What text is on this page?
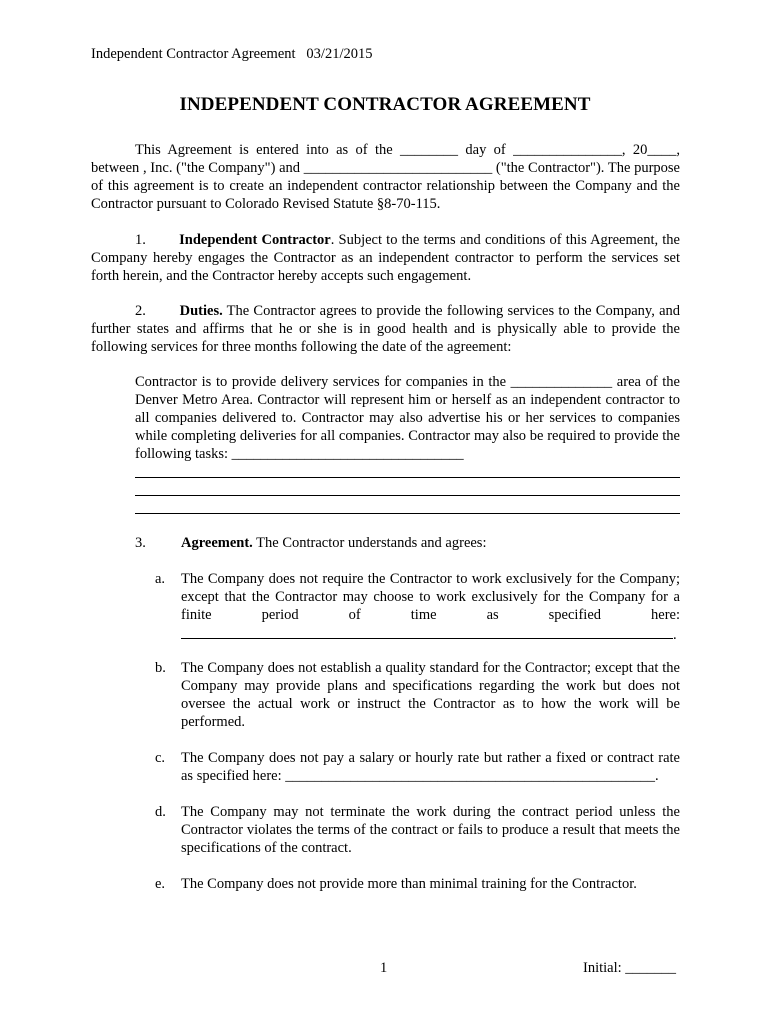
Independent Contractor Agreement 03/21/2015
INDEPENDENT CONTRACTOR AGREEMENT
This Agreement is entered into as of the ________ day of _______________, 20____, between , Inc. ("the Company") and __________________________ ("the Contractor"). The purpose of this agreement is to create an independent contractor relationship between the Company and the Contractor pursuant to Colorado Revised Statute §8-70-115.
1. Independent Contractor. Subject to the terms and conditions of this Agreement, the Company hereby engages the Contractor as an independent contractor to perform the services set forth herein, and the Contractor hereby accepts such engagement.
2. Duties. The Contractor agrees to provide the following services to the Company, and further states and affirms that he or she is in good health and is physically able to provide the following services for three months following the date of the agreement:
Contractor is to provide delivery services for companies in the ______________ area of the Denver Metro Area. Contractor will represent him or herself as an independent contractor to all companies delivered to. Contractor may also advertise his or her services to companies while completing deliveries for all companies. Contractor may also be required to provide the following tasks: ________________________________
3. Agreement. The Contractor understands and agrees:
a.	The Company does not require the Contractor to work exclusively for the Company; except that the Contractor may choose to work exclusively for the Company for a finite period of time as specified here:
.
b.	The Company does not establish a quality standard for the Contractor; except that the Company may provide plans and specifications regarding the work but does not oversee the actual work or instruct the Contractor as to how the work will be performed.
c.	The Company does not pay a salary or hourly rate but rather a fixed or contract rate as specified here: ___________________________________________________.
d.	The Company may not terminate the work during the contract period unless the Contractor violates the terms of the contract or fails to produce a result that meets the specifications of the contract.
e.	The Company does not provide more than minimal training for the Contractor.
1	Initial: _______
